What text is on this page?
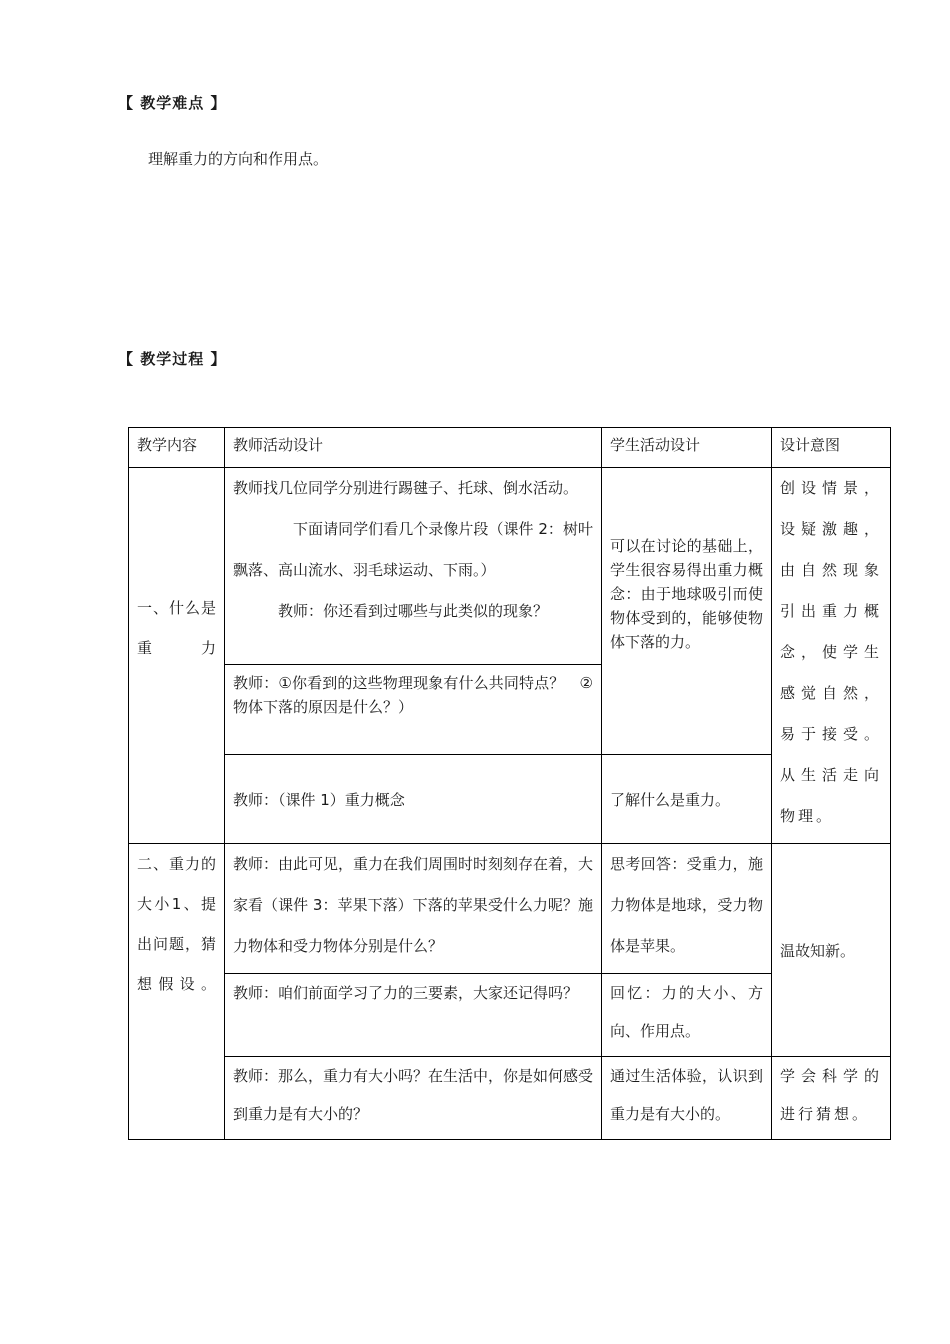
【 教学难点 】
理解重力的方向和作用点。
【 教学过程 】
教学内容	教师活动设计	学生活动设计	设计意图
一、什么是重力	教师找几位同学分别进行踢毽子、托球、倒水活动。
下面请同学们看几个录像片段（课件 2：树叶飘落、高山流水、羽毛球运动、下雨。）
教师：你还看到过哪些与此类似的现象？	可以在讨论的基础上，学生很容易得出重力概念：由于地球吸引而使物体受到的，能够使物体下落的力。	创设情景，设疑激趣，由自然现象引出重力概念，使学生感觉自然，易于接受。从生活走向物理。
	教师：①你看到的这些物理现象有什么共同特点？　②物体下落的原因是什么？）		
	教师：（课件 1）重力概念	了解什么是重力。	
二、重力的大小1、提出问题，猜想假设。	教师：由此可见，重力在我们周围时时刻刻存在着，大家看（课件 3：苹果下落）下落的苹果受什么力呢？施力物体和受力物体分别是什么？	思考回答：受重力，施力物体是地球，受力物体是苹果。	温故知新。
	教师：咱们前面学习了力的三要素，大家还记得吗？	回忆：力的大小、方向、作用点。	
	教师：那么，重力有大小吗？在生活中，你是如何感受到重力是有大小的？	通过生活体验，认识到重力是有大小的。	学会科学的进行猜想。
